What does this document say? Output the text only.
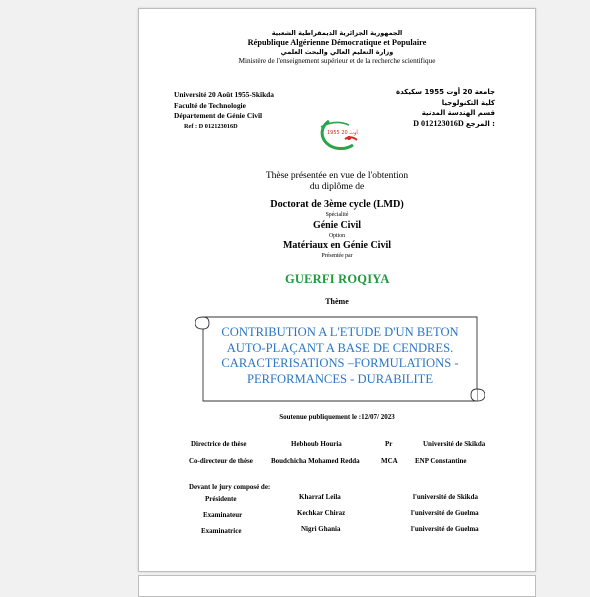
الجمهورية الجزائرية الديمقراطية الشعبية
République Algérienne Démocratique et Populaire
وزارة التعليم العالي والبحث العلمي
Ministère de l'enseignement supérieur et de la recherche scientifique
Université 20 Août 1955-Skikda
Faculté de Technologie
Département de Génie Civil
Ref : D 012123016D
جامعة 20 أوت 1955 سكيكدة
كلية التكنولوجيا
قسم الهندسة المدنية
D 012123016D المرجع :
1955 أوت 20
Thèse présentée en vue de l'obtention
du diplôme de
Doctorat de 3ème cycle (LMD)
Spécialité
Génie Civil
Option
Matériaux en Génie Civil
Présentée par
GUERFI ROQIYA
Thème
CONTRIBUTION A L'ETUDE D'UN BETON
AUTO-PLAÇANT A BASE DE CENDRES.
CARACTERISATIONS –FORMULATIONS -
PERFORMANCES - DURABILITE
Soutenue publiquement le :12/07/ 2023
Directrice de thèse	Hebhoub Houria	Pr	Université de Skikda
Co-directeur de thèse	Boudchicha Mohamed Redda	MCA ENP Constantine
Devant le jury composé de:
Présidente	Kharraf Leila	l'université de Skikda
Examinateur	Kechkar Chiraz	l'université de Guelma
Examinatrice	Nigri Ghania	l'université de Guelma
